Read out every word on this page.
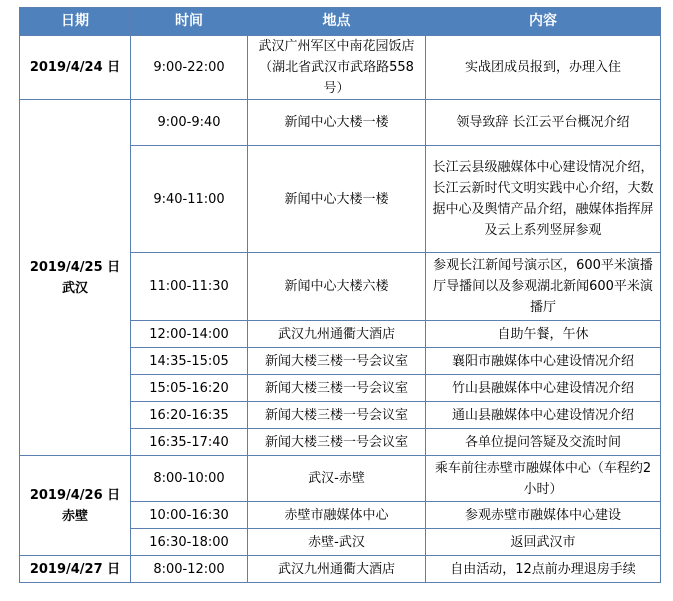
日期	时间	地点	内容
2019/4/24 日	9:00-22:00	武汉广州军区中南花园饭店（湖北省武汉市武珞路558号）	实战团成员报到，办理入住

2019/4/25 日
武汉	9:00-9:40	新闻中心大楼一楼	领导致辞 长江云平台概况介绍
	9:40-11:00	新闻中心大楼一楼	长江云县级融媒体中心建设情况介绍，长江云新时代文明实践中心介绍，大数据中心及舆情产品介绍，融媒体指挥屏及云上系列竖屏参观
	11:00-11:30	新闻中心大楼六楼	参观长江新闻号演示区，600平米演播厅导播间以及参观湖北新闻600平米演播厅
	12:00-14:00	武汉九州通衢大酒店	自助午餐，午休
	14:35-15:05	新闻大楼三楼一号会议室	襄阳市融媒体中心建设情况介绍
	15:05-16:20	新闻大楼三楼一号会议室	竹山县融媒体中心建设情况介绍
	16:20-16:35	新闻大楼三楼一号会议室	通山县融媒体中心建设情况介绍
	16:35-17:40	新闻大楼三楼一号会议室	各单位提问答疑及交流时间

2019/4/26 日
赤壁	8:00-10:00	武汉-赤壁	乘车前往赤壁市融媒体中心（车程约2小时）
	10:00-16:30	赤壁市融媒体中心	参观赤壁市融媒体中心建设
	16:30-18:00	赤壁-武汉	返回武汉市
2019/4/27 日	8:00-12:00	武汉九州通衢大酒店	自由活动，12点前办理退房手续
